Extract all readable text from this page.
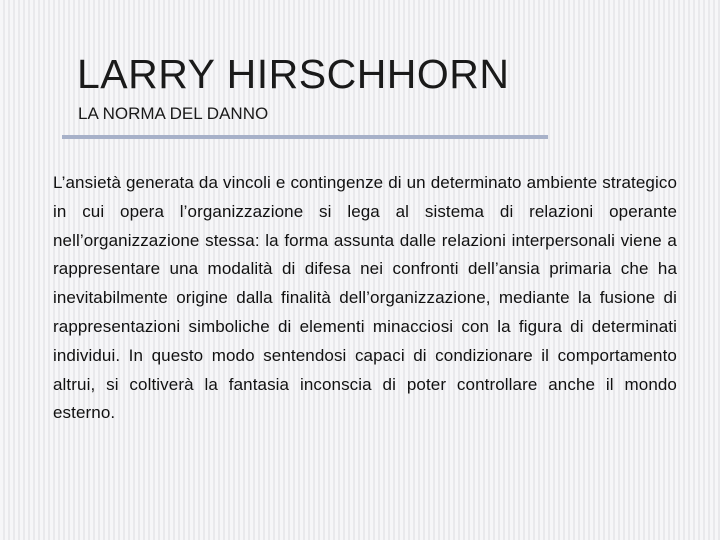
LARRY HIRSCHHORN
LA NORMA DEL DANNO

L’ansietà generata da vincoli e contingenze di un determinato ambiente strategico in cui opera l’organizzazione si lega al sistema di relazioni operante nell’organizzazione stessa: la forma assunta dalle relazioni interpersonali viene a rappresentare una modalità di difesa nei confronti dell’ansia primaria che ha inevitabilmente origine dalla finalità dell’organizzazione, mediante la fusione di rappresentazioni simboliche di elementi minacciosi con la figura di determinati individui. In questo modo sentendosi capaci di condizionare il comportamento altrui, si coltiverà la fantasia inconscia di poter controllare anche il mondo esterno.
